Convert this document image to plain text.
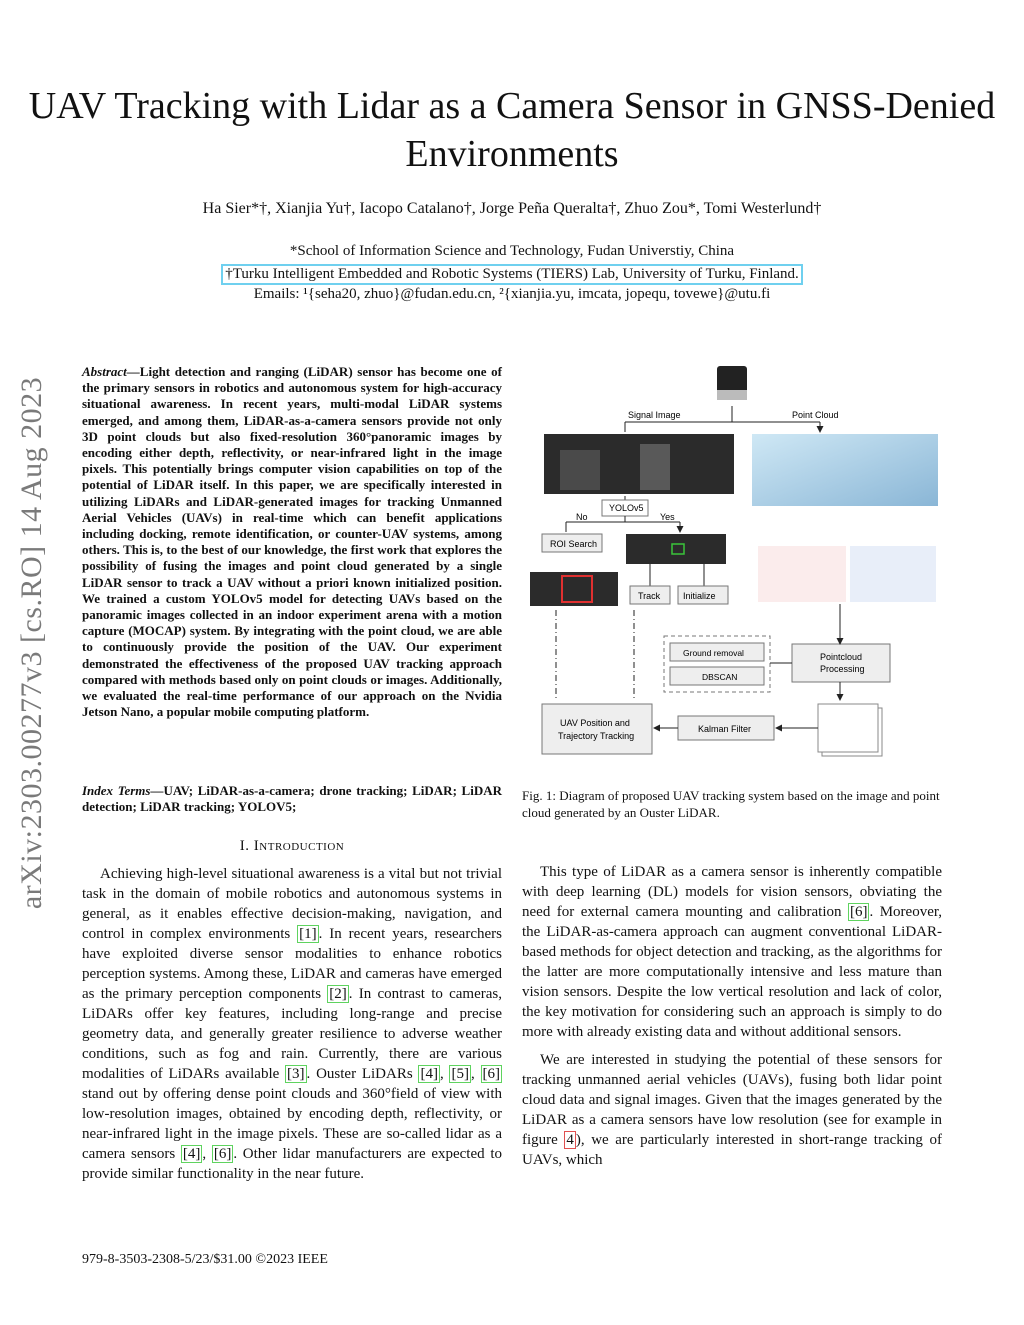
UAV Tracking with Lidar as a Camera Sensor in GNSS-Denied Environments
Ha Sier*†, Xianjia Yu†, Iacopo Catalano†, Jorge Peña Queralta†, Zhuo Zou*, Tomi Westerlund†
*School of Information Science and Technology, Fudan Universtiy, China
†Turku Intelligent Embedded and Robotic Systems (TIERS) Lab, University of Turku, Finland.
Emails: ¹{seha20, zhuo}@fudan.edu.cn, ²{xianjia.yu, imcata, jopequ, tovewe}@utu.fi
arXiv:2303.00277v3 [cs.RO] 14 Aug 2023
Abstract—Light detection and ranging (LiDAR) sensor has become one of the primary sensors in robotics and autonomous system for high-accuracy situational awareness. In recent years, multi-modal LiDAR systems emerged, and among them, LiDAR-as-a-camera sensors provide not only 3D point clouds but also fixed-resolution 360°panoramic images by encoding either depth, reflectivity, or near-infrared light in the image pixels. This potentially brings computer vision capabilities on top of the potential of LiDAR itself. In this paper, we are specifically interested in utilizing LiDARs and LiDAR-generated images for tracking Unmanned Aerial Vehicles (UAVs) in real-time which can benefit applications including docking, remote identification, or counter-UAV systems, among others. This is, to the best of our knowledge, the first work that explores the possibility of fusing the images and point cloud generated by a single LiDAR sensor to track a UAV without a priori known initialized position. We trained a custom YOLOv5 model for detecting UAVs based on the panoramic images collected in an indoor experiment arena with a motion capture (MOCAP) system. By integrating with the point cloud, we are able to continuously provide the position of the UAV. Our experiment demonstrated the effectiveness of the proposed UAV tracking approach compared with methods based only on point clouds or images. Additionally, we evaluated the real-time performance of our approach on the Nvidia Jetson Nano, a popular mobile computing platform.
Index Terms—UAV; LiDAR-as-a-camera; drone tracking; LiDAR; LiDAR detection; LiDAR tracking; YOLOV5;
I. Introduction
Achieving high-level situational awareness is a vital but not trivial task in the domain of mobile robotics and autonomous systems in general, as it enables effective decision-making, navigation, and control in complex environments [1] . In recent years, researchers have exploited diverse sensor modalities to enhance robotics perception systems. Among these, LiDAR and cameras have emerged as the primary perception components [2] . In contrast to cameras, LiDARs offer key features, including long-range and precise geometry data, and generally greater resilience to adverse weather conditions, such as fog and rain. Currently, there are various modalities of LiDARs available [3] . Ouster LiDARs [4] , [5] , [6] stand out by offering dense point clouds and 360°field of view with low-resolution images, obtained by encoding depth, reflectivity, or near-infrared light in the image pixels. These are so-called lidar as a camera sensors [4] , [6] . Other lidar manufacturers are expected to provide similar functionality in the near future.

This type of LiDAR as a camera sensor is inherently compatible with deep learning (DL) models for vision sensors, obviating the need for external camera mounting and calibration [6] . Moreover, the LiDAR-as-camera approach can augment conventional LiDAR-based methods for object detection and tracking, as the algorithms for the latter are more computationally intensive and less mature than vision sensors. Despite the low vertical resolution and lack of color, the key motivation for considering such an approach is simply to do more with already existing data and without additional sensors.

We are interested in studying the potential of these sensors for tracking unmanned aerial vehicles (UAVs), fusing both lidar point cloud data and signal images. Given that the images generated by the LiDAR as a camera sensors have low resolution (see for example in figure 4 ), we are particularly interested in short-range tracking of UAVs, which

Signal Image	Point Cloud
YOLOv5
No	Yes
ROI Search
Track	Initialize
Ground removal
DBSCAN
Pointcloud
Processing
UAV Position and
Trajectory Tracking
Kalman Filter
Fig. 1: Diagram of proposed UAV tracking system based on the image and point cloud generated by an Ouster LiDAR.
979-8-3503-2308-5/23/$31.00 ©2023 IEEE
